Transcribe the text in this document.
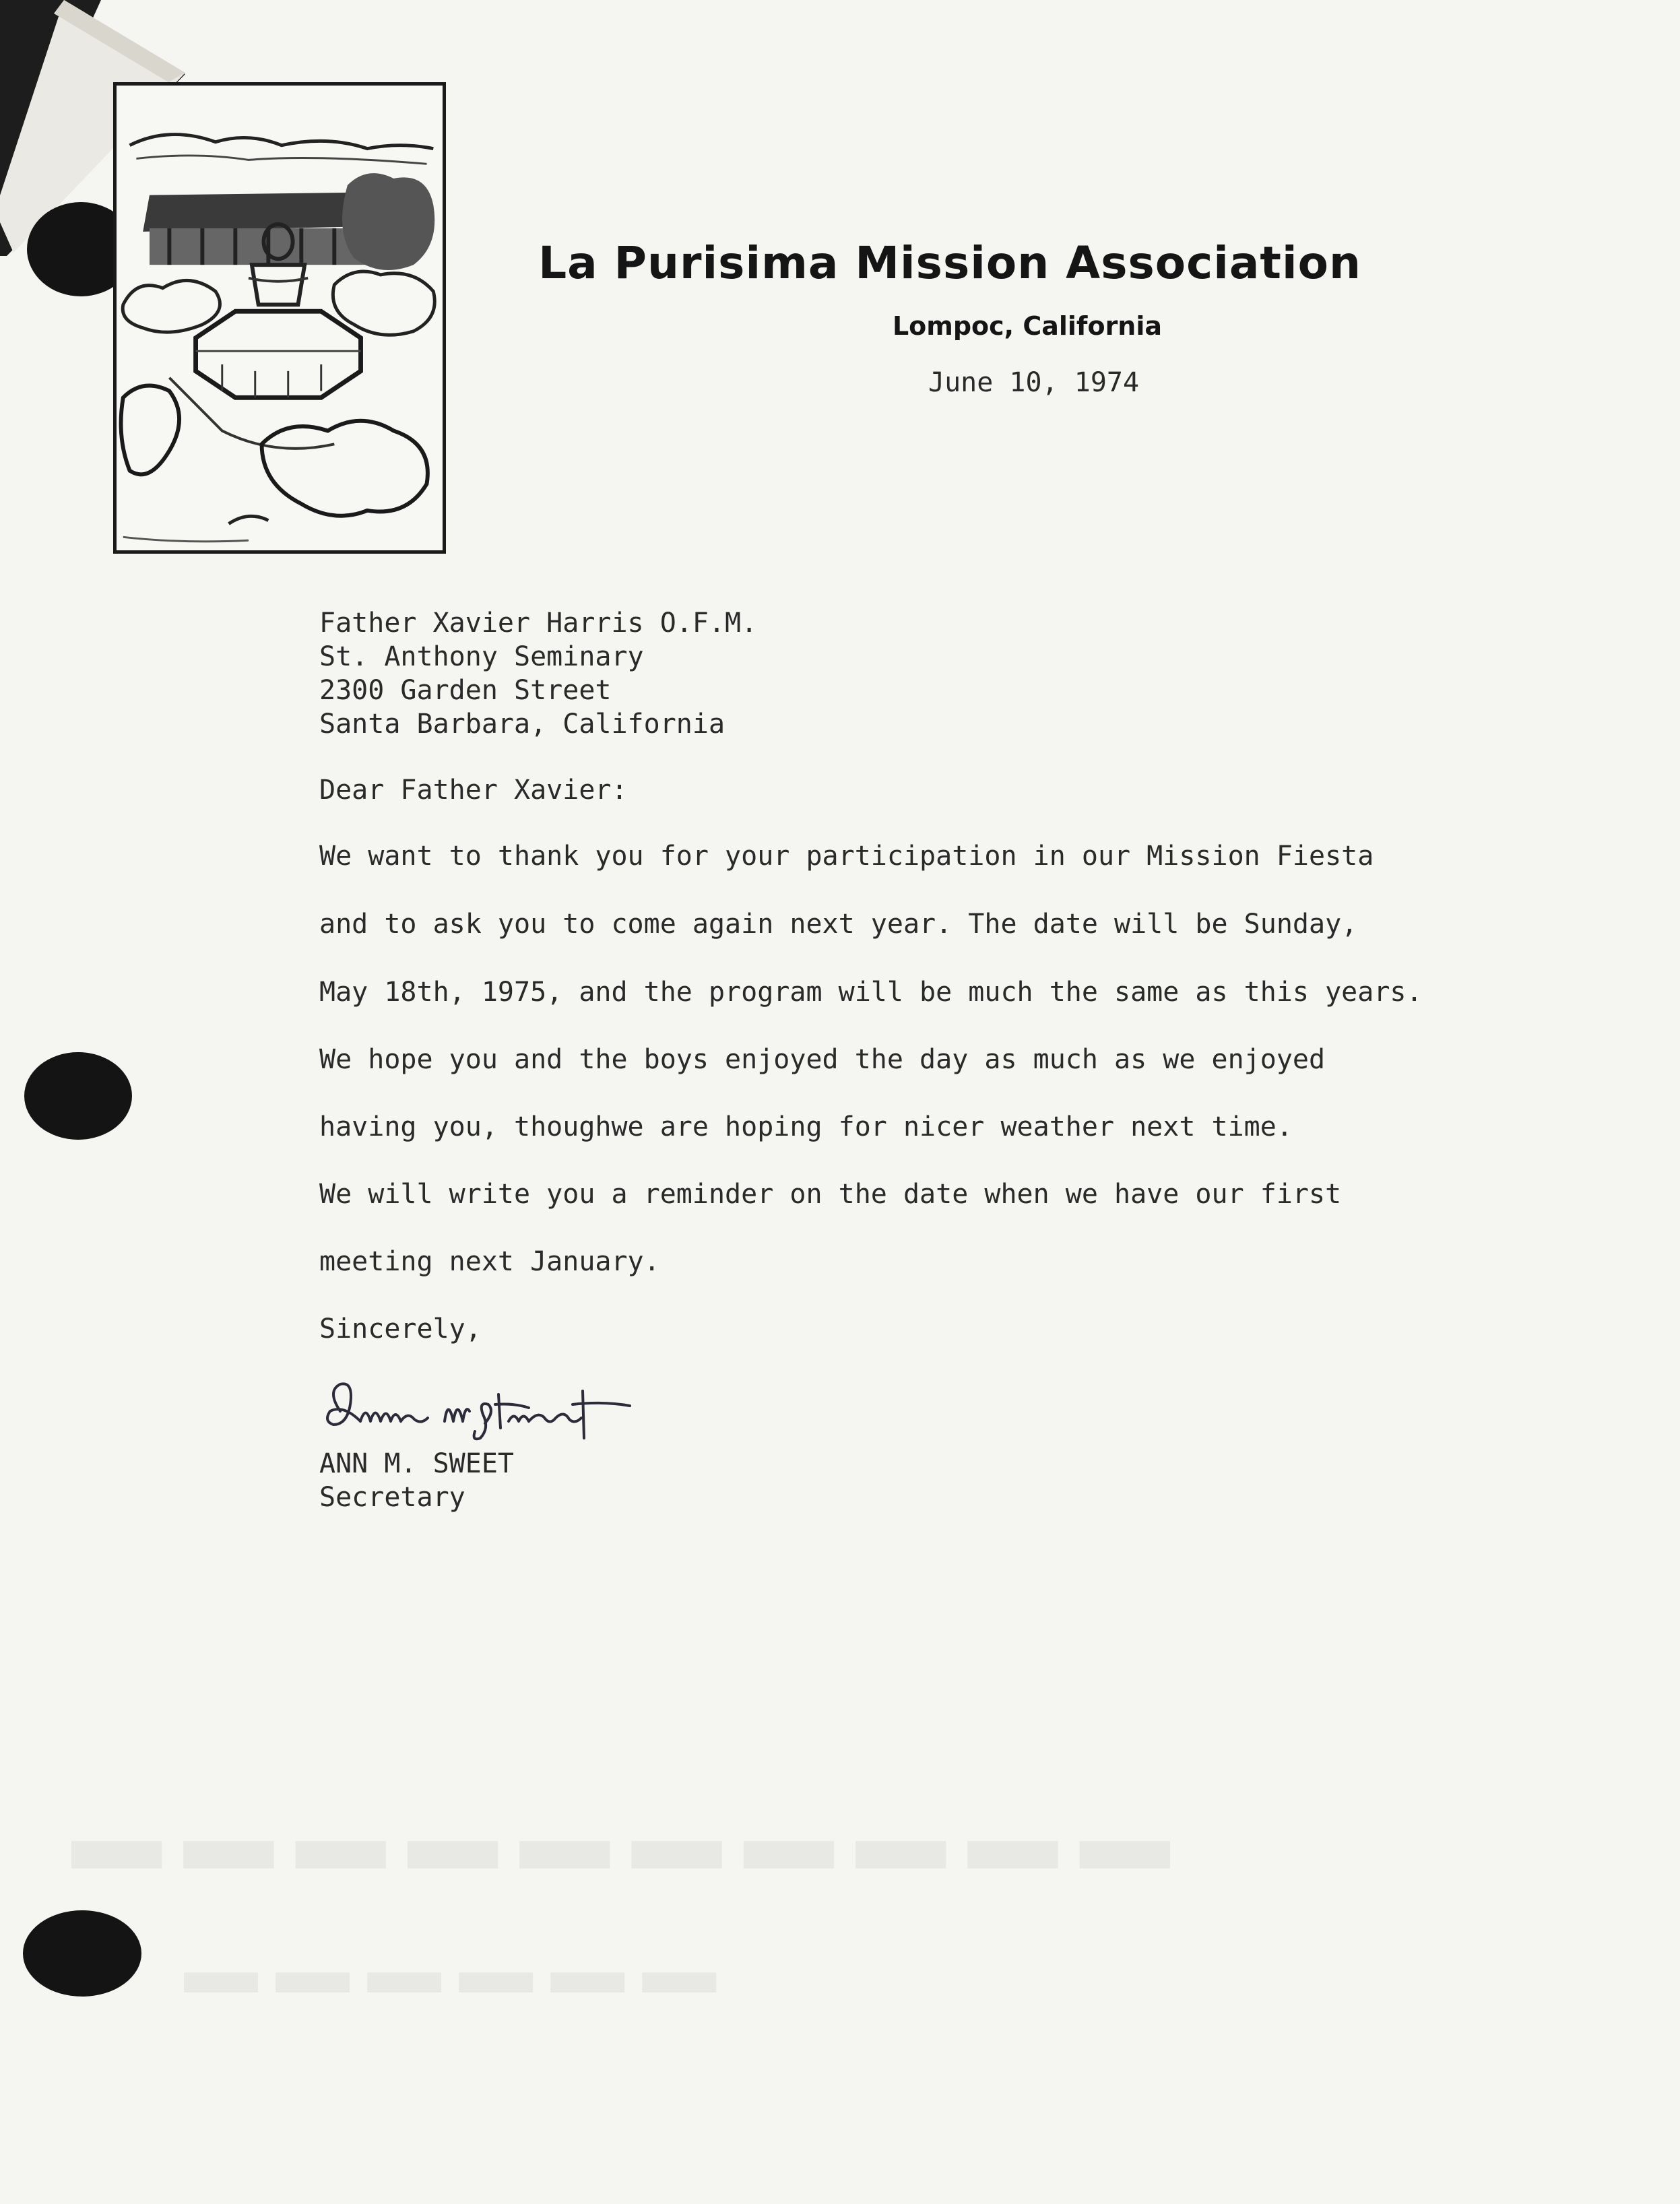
▬▬▬▬▬▬▬▬▬▬
▬▬▬▬▬▬
La Purisima Mission Association
Lompoc, California
June 10, 1974
Father Xavier Harris O.F.M.
St. Anthony Seminary
2300 Garden Street
Santa Barbara, California
Dear Father Xavier:
We want to thank you for your participation in our Mission Fiesta
and to ask you to come again next year. The date will be Sunday,
May 18th, 1975, and the program will be much the same as this years.
We hope you and the boys enjoyed the day as much as we enjoyed
having you, thoughwe are hoping for nicer weather next time.
We will write you a reminder on the date when we have our first
meeting next January.
Sincerely,
ANN M. SWEET
Secretary
